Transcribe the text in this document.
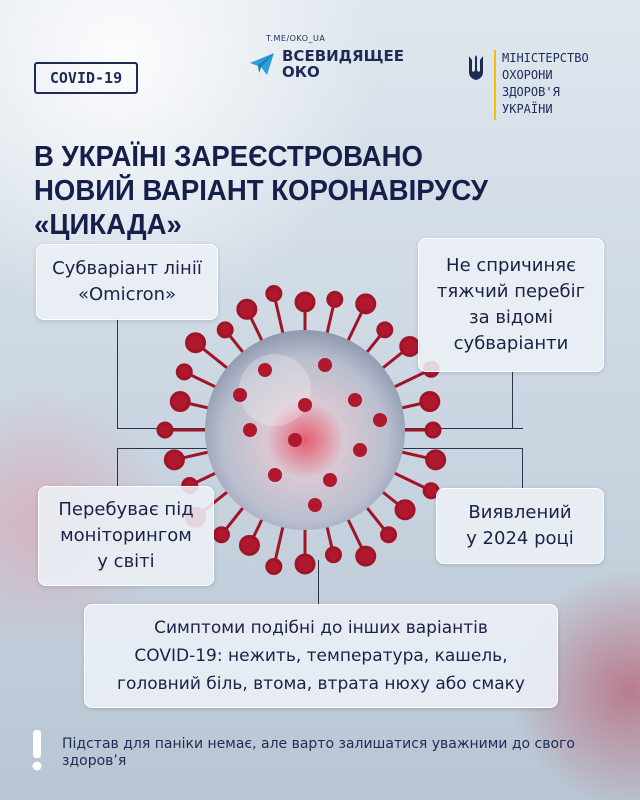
COVID-19
T.ME/OKO_UA
ВСЕВИДЯЩЕЕ ОКО
МІНІСТЕРСТВО
ОХОРОНИ
ЗДОРОВ'Я
УКРАЇНИ
В УКРАЇНІ ЗАРЕЄСТРОВАНО
НОВИЙ ВАРІАНТ КОРОНАВІРУСУ «ЦИКАДА»
Субваріант лінії
«Omicron»
Не спричиняє
тяжчий перебіг
за відомі
субваріанти
Перебуває під
моніторингом
у світі
Виявлений
у 2024 році
Симптоми подібні до інших варіантів
COVID-19: нежить, температура, кашель,
головний біль, втома, втрата нюху або смаку
Підстав для паніки немає, але варто залишатися уважними до свого здоров’я
